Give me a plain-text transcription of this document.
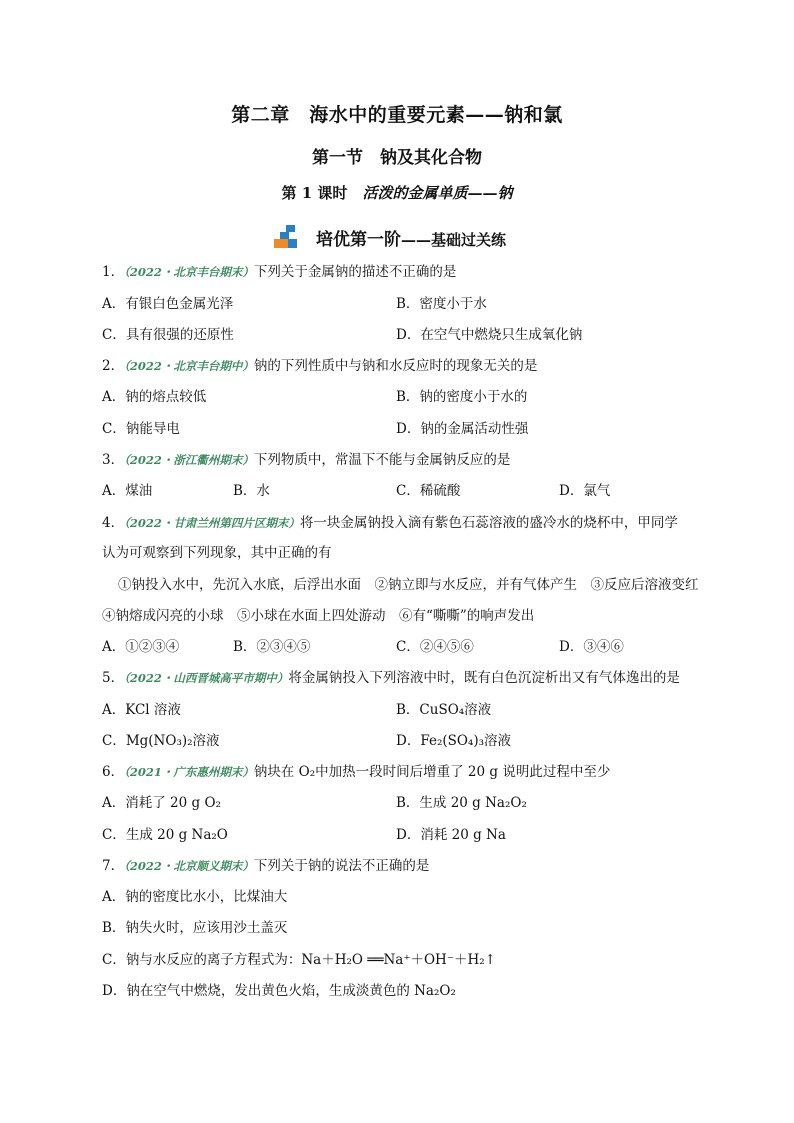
第二章　海水中的重要元素——钠和氯
第一节　钠及其化合物
第 1 课时　 活泼的金属单质——钠
培优第一阶——基础过关练
1．（2022・北京丰台期末）下列关于金属钠的描述不正确的是
A．有银白色金属光泽	B．密度小于水
C．具有很强的还原性	D．在空气中燃烧只生成氧化钠
2．（2022・北京丰台期中）钠的下列性质中与钠和水反应时的现象无关的是
A．钠的熔点较低	B．钠的密度小于水的
C．钠能导电	D．钠的金属活动性强
3．（2022・浙江衢州期末）下列物质中，常温下不能与金属钠反应的是
A．煤油	B．水	C．稀硫酸	D．氯气
4．（2022・甘肃兰州第四片区期末）将一块金属钠投入滴有紫色石蕊溶液的盛冷水的烧杯中，甲同学
认为可观察到下列现象，其中正确的有
①钠投入水中，先沉入水底，后浮出水面　②钠立即与水反应，并有气体产生　③反应后溶液变红
④钠熔成闪亮的小球　⑤小球在水面上四处游动　⑥有“嘶嘶”的响声发出
A．①②③④	B．②③④⑤	C．②④⑤⑥	D．③④⑥
5．（2022・山西晋城高平市期中）将金属钠投入下列溶液中时，既有白色沉淀析出又有气体逸出的是
A．KCl 溶液	B．CuSO₄溶液
C．Mg(NO₃)₂溶液	D．Fe₂(SO₄)₃溶液
6．（2021・广东惠州期末）钠块在 O₂中加热一段时间后增重了 20 g 说明此过程中至少
A．消耗了 20 g O₂	B．生成 20 g Na₂O₂
C．生成 20 g Na₂O	D．消耗 20 g Na
7．（2022・北京顺义期末）下列关于钠的说法不正确的是
A．钠的密度比水小，比煤油大
B．钠失火时，应该用沙土盖灭
C．钠与水反应的离子方程式为：Na＋H₂O ══Na⁺＋OH⁻＋H₂↑
D．钠在空气中燃烧，发出黄色火焰，生成淡黄色的 Na₂O₂
